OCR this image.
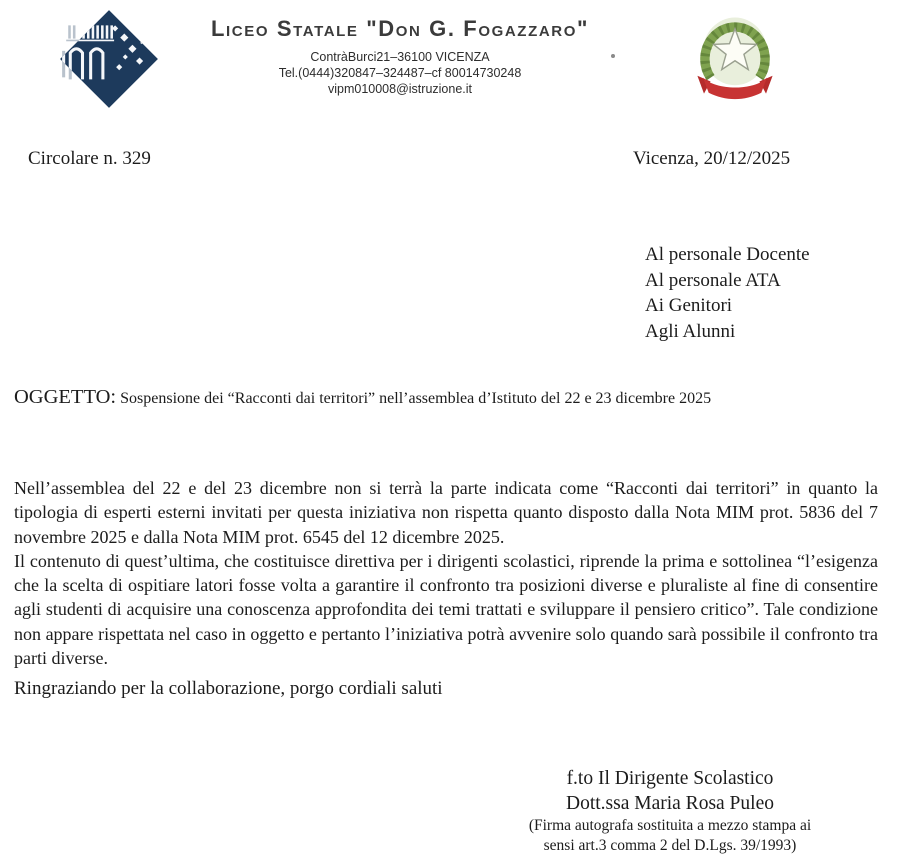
Liceo Statale "Don G. Fogazzaro"
ContràBurci21–36100 VICENZA
Tel.(0444)320847–324487–cf 80014730248
vipm010008@istruzione.it
Circolare n. 329	Vicenza, 20/12/2025
Al personale Docente
Al personale ATA
Ai Genitori
Agli Alunni
OGGETTO: Sospensione dei “Racconti dai territori” nell’assemblea d’Istituto del 22 e 23 dicembre 2025

Nell’assemblea del 22 e del 23 dicembre non si terrà la parte indicata come “Racconti dai territori” in quanto la tipologia di esperti esterni invitati per questa iniziativa non rispetta quanto disposto dalla Nota MIM prot. 5836 del 7 novembre 2025 e dalla Nota MIM prot. 6545 del 12 dicembre 2025.

Il contenuto di quest’ultima, che costituisce direttiva per i dirigenti scolastici, riprende la prima e sottolinea “l’esigenza che la scelta di ospitiare latori fosse volta a garantire il confronto tra posizioni diverse e pluraliste al fine di consentire agli studenti di acquisire una conoscenza approfondita dei temi trattati e sviluppare il pensiero critico”. Tale condizione non appare rispettata nel caso in oggetto e pertanto l’iniziativa potrà avvenire solo quando sarà possibile il confronto tra parti diverse.

Ringraziando per la collaborazione, porgo cordiali saluti
f.to Il Dirigente Scolastico
Dott.ssa Maria Rosa Puleo
(Firma autografa sostituita a mezzo stampa ai
sensi art.3 comma 2 del D.Lgs. 39/1993)
